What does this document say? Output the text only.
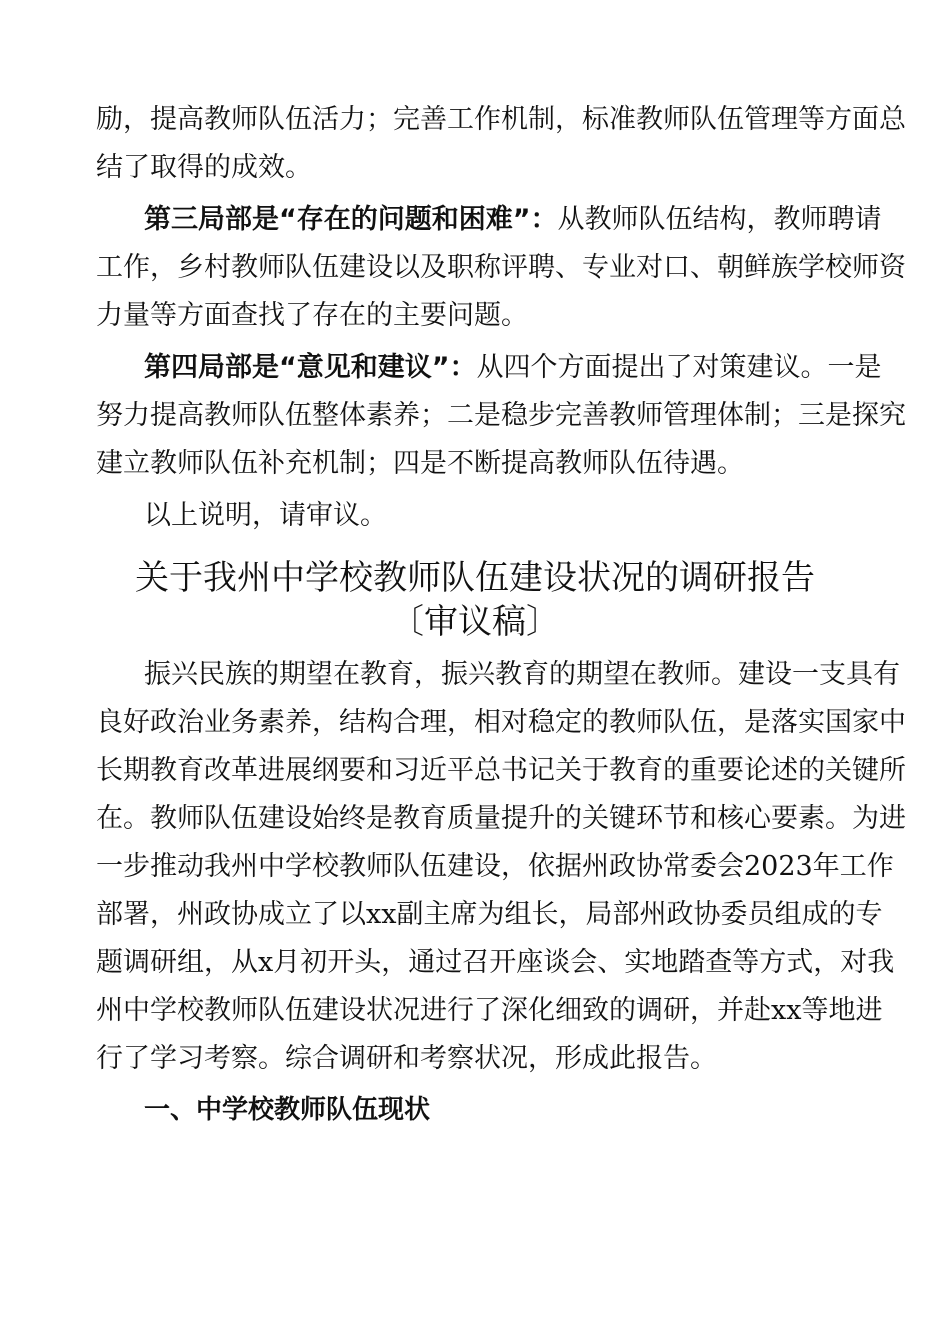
励，提高教师队伍活力；完善工作机制，标准教师队伍管理等方面总
结了取得的成效。
第三局部是“存在的问题和困难”：从教师队伍结构，教师聘请
工作，乡村教师队伍建设以及职称评聘、专业对口、朝鲜族学校师资
力量等方面查找了存在的主要问题。
第四局部是“意见和建议”：从四个方面提出了对策建议。一是
努力提高教师队伍整体素养；二是稳步完善教师管理体制；三是探究
建立教师队伍补充机制；四是不断提高教师队伍待遇。
以上说明，请审议。
关于我州中学校教师队伍建设状况的调研报告
〔审议稿〕
振兴民族的期望在教育，振兴教育的期望在教师。建设一支具有
良好政治业务素养，结构合理，相对稳定的教师队伍，是落实国家中
长期教育改革进展纲要和习近平总书记关于教育的重要论述的关键所
在。教师队伍建设始终是教育质量提升的关键环节和核心要素。为进
一步推动我州中学校教师队伍建设，依据州政协常委会2023年工作
部署，州政协成立了以xx副主席为组长，局部州政协委员组成的专
题调研组，从x月初开头，通过召开座谈会、实地踏查等方式，对我
州中学校教师队伍建设状况进行了深化细致的调研，并赴xx等地进
行了学习考察。综合调研和考察状况，形成此报告。
一、中学校教师队伍现状
